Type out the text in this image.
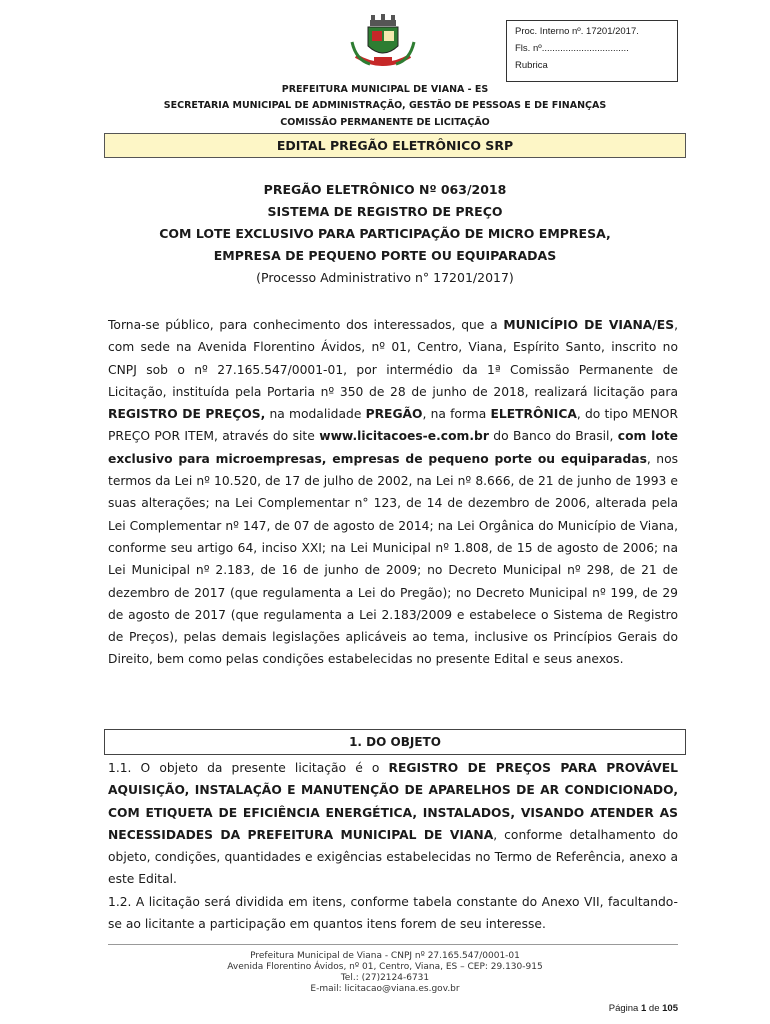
Proc. Interno nº. 17201/2017.
Fls. nº.................................
Rubrica
PREFEITURA MUNICIPAL DE VIANA - ES
SECRETARIA MUNICIPAL DE ADMINISTRAÇÃO, GESTÃO DE PESSOAS E DE FINANÇAS
COMISSÃO PERMANENTE DE LICITAÇÃO
EDITAL PREGÃO ELETRÔNICO SRP
PREGÃO ELETRÔNICO Nº 063/2018
SISTEMA DE REGISTRO DE PREÇO
COM LOTE EXCLUSIVO PARA PARTICIPAÇÃO DE MICRO EMPRESA,
EMPRESA DE PEQUENO PORTE OU EQUIPARADAS
(Processo Administrativo n° 17201/2017)
Torna-se público, para conhecimento dos interessados, que a MUNICÍPIO DE VIANA/ES, com sede na Avenida Florentino Ávidos, nº 01, Centro, Viana, Espírito Santo, inscrito no CNPJ sob o nº 27.165.547/0001-01, por intermédio da 1ª Comissão Permanente de Licitação, instituída pela Portaria nº 350 de 28 de junho de 2018, realizará licitação para REGISTRO DE PREÇOS, na modalidade PREGÃO, na forma ELETRÔNICA, do tipo MENOR PREÇO POR ITEM, através do site www.licitacoes-e.com.br do Banco do Brasil, com lote exclusivo para microempresas, empresas de pequeno porte ou equiparadas, nos termos da Lei nº 10.520, de 17 de julho de 2002, na Lei nº 8.666, de 21 de junho de 1993 e suas alterações; na Lei Complementar n° 123, de 14 de dezembro de 2006, alterada pela Lei Complementar nº 147, de 07 de agosto de 2014; na Lei Orgânica do Município de Viana, conforme seu artigo 64, inciso XXI; na Lei Municipal nº 1.808, de 15 de agosto de 2006; na Lei Municipal nº 2.183, de 16 de junho de 2009; no Decreto Municipal nº 298, de 21 de dezembro de 2017 (que regulamenta a Lei do Pregão); no Decreto Municipal nº 199, de 29 de agosto de 2017 (que regulamenta a Lei 2.183/2009 e estabelece o Sistema de Registro de Preços), pelas demais legislações aplicáveis ao tema, inclusive os Princípios Gerais do Direito, bem como pelas condições estabelecidas no presente Edital e seus anexos.
1. DO OBJETO
1.1. O objeto da presente licitação é o REGISTRO DE PREÇOS PARA PROVÁVEL AQUISIÇÃO, INSTALAÇÃO E MANUTENÇÃO DE APARELHOS DE AR CONDICIONADO, COM ETIQUETA DE EFICIÊNCIA ENERGÉTICA, INSTALADOS, VISANDO ATENDER AS NECESSIDADES DA PREFEITURA MUNICIPAL DE VIANA, conforme detalhamento do objeto, condições, quantidades e exigências estabelecidas no Termo de Referência, anexo a este Edital.
1.2. A licitação será dividida em itens, conforme tabela constante do Anexo VII, facultando-se ao licitante a participação em quantos itens forem de seu interesse.
Prefeitura Municipal de Viana - CNPJ nº 27.165.547/0001-01
Avenida Florentino Ávidos, nº 01, Centro, Viana, ES – CEP: 29.130-915
Tel.: (27)2124-6731
E-mail: licitacao@viana.es.gov.br
Página 1 de 105
